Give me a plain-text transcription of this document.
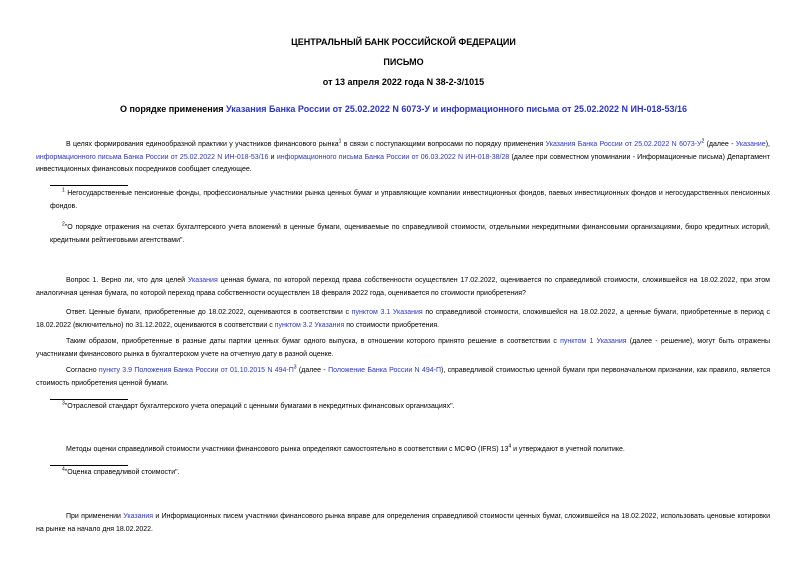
ЦЕНТРАЛЬНЫЙ БАНК РОССИЙСКОЙ ФЕДЕРАЦИИ
ПИСЬМО
от 13 апреля 2022 года N 38-2-3/1015
О порядке применения Указания Банка России от 25.02.2022 N 6073-У и информационного письма от 25.02.2022 N ИН-018-53/16
В целях формирования единообразной практики у участников финансового рынка$^1$ в связи с поступающими вопросами по порядку применения Указания Банка России от 25.02.2022 N $6073-У^2$ (далее - Указание), информационного письма Банка России от 25.02.2022 N ИН-018-53/16 и информационного письма Банка России от 06.03.2022 N ИН-018-38/28 (далее при совместном упоминании - Информационные письма) Департамент инвестиционных финансовых посредников сообщает следующее.
$^1$ Негосударственные пенсионные фонды, профессиональные участники рынка ценных бумаг и управляющие компании инвестиционных фондов, паевых инвестиционных фондов и негосударственных пенсионных фондов.
$^2$"О порядке отражения на счетах бухгалтерского учета вложений в ценные бумаги, оцениваемые по справедливой стоимости, отдельными некредитными финансовыми организациями, бюро кредитных историй, кредитными рейтинговыми агентствами".
Вопрос 1. Верно ли, что для целей Указания ценная бумага, по которой переход права собственности осуществлен 17.02.2022, оценивается по справедливой стоимости, сложившейся на 18.02.2022, при этом аналогичная ценная бумага, по которой переход права собственности осуществлен 18 февраля 2022 года, оценивается по стоимости приобретения?
Ответ. Ценные бумаги, приобретенные до 18.02.2022, оцениваются в соответствии с пунктом 3.1 Указания по справедливой стоимости, сложившейся на 18.02.2022, а ценные бумаги, приобретенные в период с 18.02.2022 (включительно) по 31.12.2022, оцениваются в соответствии с пунктом 3.2 Указания по стоимости приобретения.
Таким образом, приобретенные в разные даты партии ценных бумаг одного выпуска, в отношении которого принято решение в соответствии с пунктом 1 Указания (далее - решение), могут быть отражены участниками финансового рынка в бухгалтерском учете на отчетную дату в разной оценке.
Согласно пункту 3.9 Положения Банка России от 01.10.2015 N $494-П^3$ (далее - Положение Банка России N 494-П), справедливой стоимостью ценной бумаги при первоначальном признании, как правило, является стоимость приобретения ценной бумаги.
$^3$"Отраслевой стандарт бухгалтерского учета операций с ценными бумагами в некредитных финансовых организациях".
Методы оценки справедливой стоимости участники финансового рынка определяют самостоятельно в соответствии с МСФО (IFRS) $13^4$ и утверждают в учетной политике.
$^4$"Оценка справедливой стоимости".
При применении Указания и Информационных писем участники финансового рынка вправе для определения справедливой стоимости ценных бумаг, сложившейся на 18.02.2022, использовать ценовые котировки на рынке на начало дня 18.02.2022.
